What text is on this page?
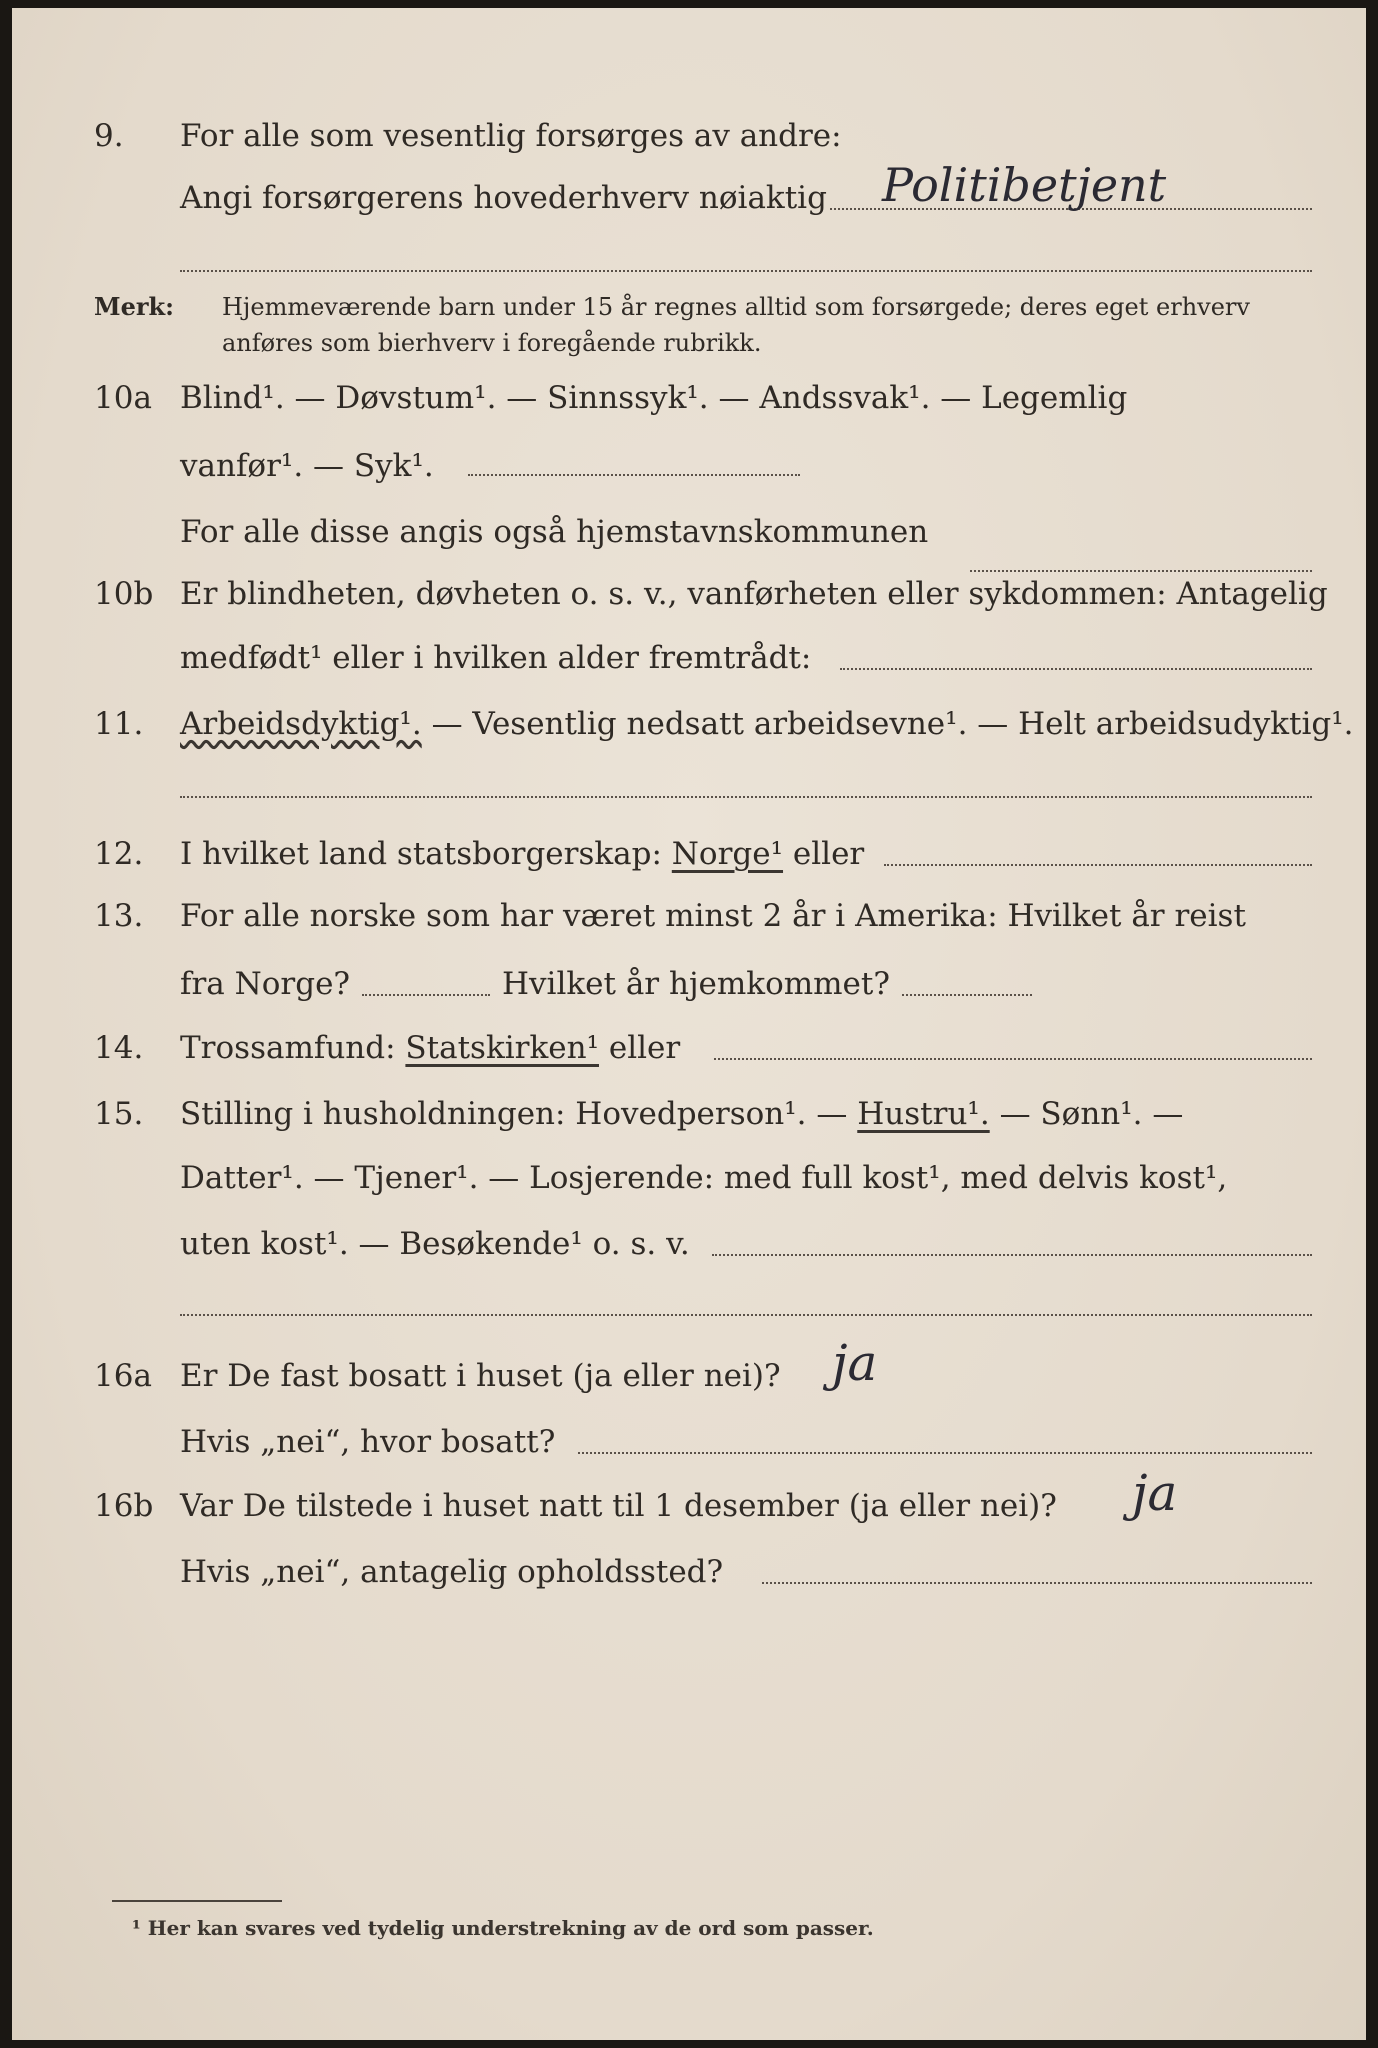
9. For alle som vesentlig forsørges av andre:
Angi forsørgerens hovederhverv nøiaktig Politibetjent
Merk: Hjemmeværende barn under 15 år regnes alltid som forsørgede; deres eget erhverv
anføres som bierhverv i foregående rubrikk.
10a Blind¹. — Døvstum¹. — Sinnssyk¹. — Andssvak¹. — Legemlig
vanfør¹. — Syk¹.
For alle disse angis også hjemstavnskommunen
10b Er blindheten, døvheten o. s. v., vanførheten eller sykdommen: Antagelig
medfødt¹ eller i hvilken alder fremtrådt:
11. Arbeidsdyktig¹. — Vesentlig nedsatt arbeidsevne¹. — Helt arbeidsudyktig¹.
12. I hvilket land statsborgerskap: Norge¹ eller
13. For alle norske som har været minst 2 år i Amerika: Hvilket år reist
fra Norge?	Hvilket år hjemkommet?
14. Trossamfund: Statskirken¹ eller
15. Stilling i husholdningen: Hovedperson¹. — Hustru¹. — Sønn¹. —
Datter¹. — Tjener¹. — Losjerende: med full kost¹, med delvis kost¹,
uten kost¹. — Besøkende¹ o. s. v.
16a Er De fast bosatt i huset (ja eller nei)? ja
Hvis „nei“, hvor bosatt?
16b Var De tilstede i huset natt til 1 desember (ja eller nei)? ja
Hvis „nei“, antagelig opholdssted?
¹ Her kan svares ved tydelig understrekning av de ord som passer.
